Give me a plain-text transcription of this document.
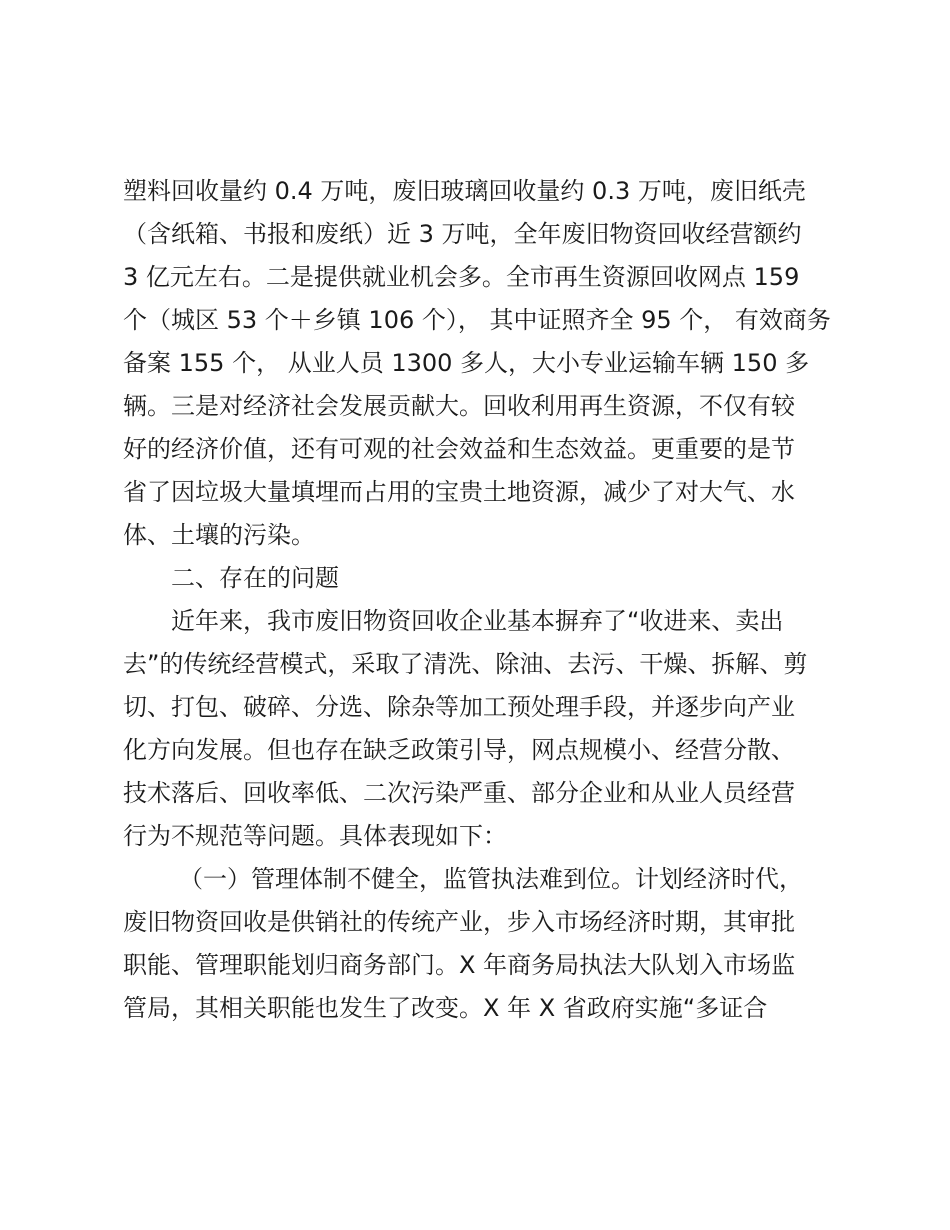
塑料回收量约 0.4 万吨，废旧玻璃回收量约 0.3 万吨，废旧纸壳
（含纸箱、书报和废纸）近 3 万吨，全年废旧物资回收经营额约
3 亿元左右。二是提供就业机会多。全市再生资源回收网点 159
个（城区 53 个＋乡镇 106 个）， 其中证照齐全 95 个， 有效商务
备案 155 个， 从业人员 1300 多人，大小专业运输车辆 150 多
辆。三是对经济社会发展贡献大。回收利用再生资源，不仅有较
好的经济价值，还有可观的社会效益和生态效益。更重要的是节
省了因垃圾大量填埋而占用的宝贵土地资源，减少了对大气、水
体、土壤的污染。
二、存在的问题
近年来，我市废旧物资回收企业基本摒弃了“收进来、卖出
去”的传统经营模式，采取了清洗、除油、去污、干燥、拆解、剪
切、打包、破碎、分选、除杂等加工预处理手段，并逐步向产业
化方向发展。但也存在缺乏政策引导，网点规模小、经营分散、
技术落后、回收率低、二次污染严重、部分企业和从业人员经营
行为不规范等问题。具体表现如下：
（一）管理体制不健全，监管执法难到位。计划经济时代，
废旧物资回收是供销社的传统产业，步入市场经济时期，其审批
职能、管理职能划归商务部门。X 年商务局执法大队划入市场监
管局，其相关职能也发生了改变。X 年 X 省政府实施“多证合
